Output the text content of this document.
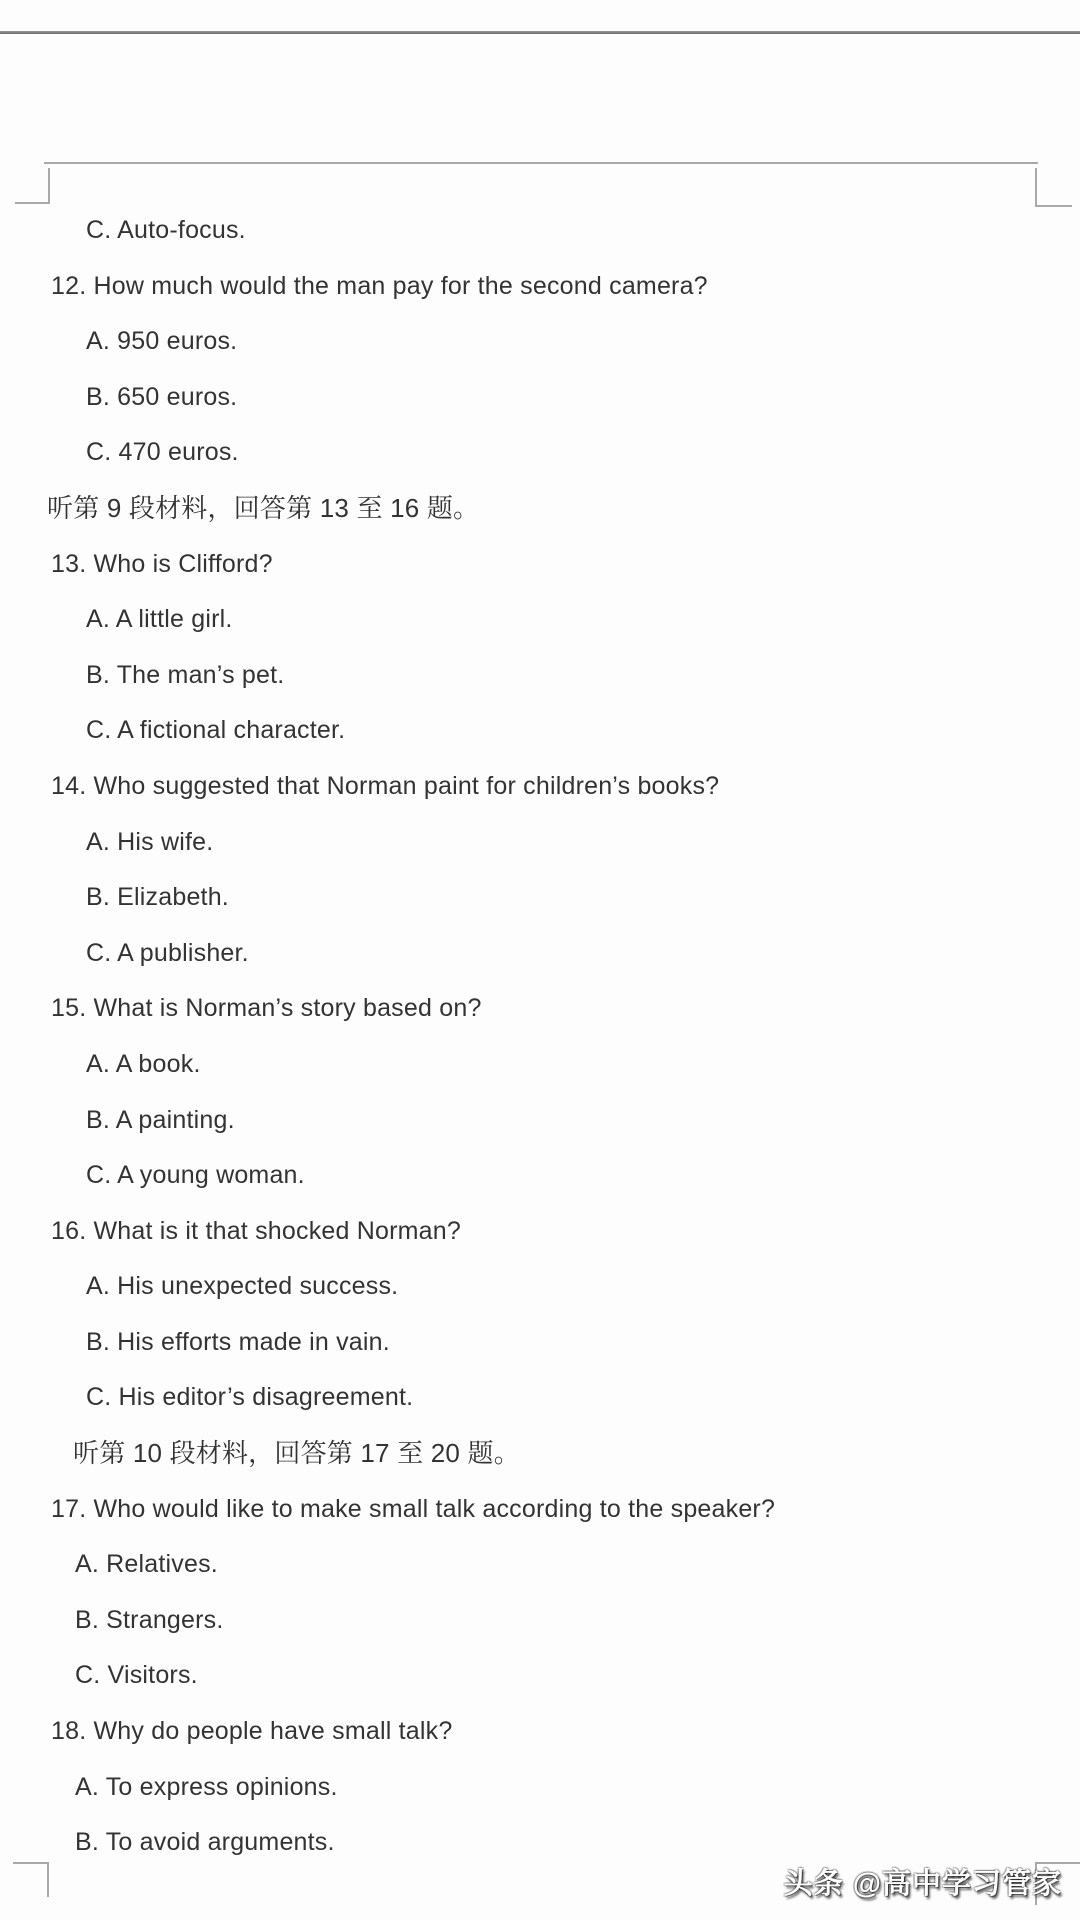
C. Auto-focus.
12. How much would the man pay for the second camera?
A. 950 euros.
B. 650 euros.
C. 470 euros.
听第 9 段材料，回答第 13 至 16 题。
13. Who is Clifford?
A. A little girl.
B. The man’s pet.
C. A fictional character.
14. Who suggested that Norman paint for children’s books?
A. His wife.
B. Elizabeth.
C. A publisher.
15. What is Norman’s story based on?
A. A book.
B. A painting.
C. A young woman.
16. What is it that shocked Norman?
A. His unexpected success.
B. His efforts made in vain.
C. His editor’s disagreement.
听第 10 段材料，回答第 17 至 20 题。
17. Who would like to make small talk according to the speaker?
A. Relatives.
B. Strangers.
C. Visitors.
18. Why do people have small talk?
A. To express opinions.
B. To avoid arguments.
头条 @高中学习管家
